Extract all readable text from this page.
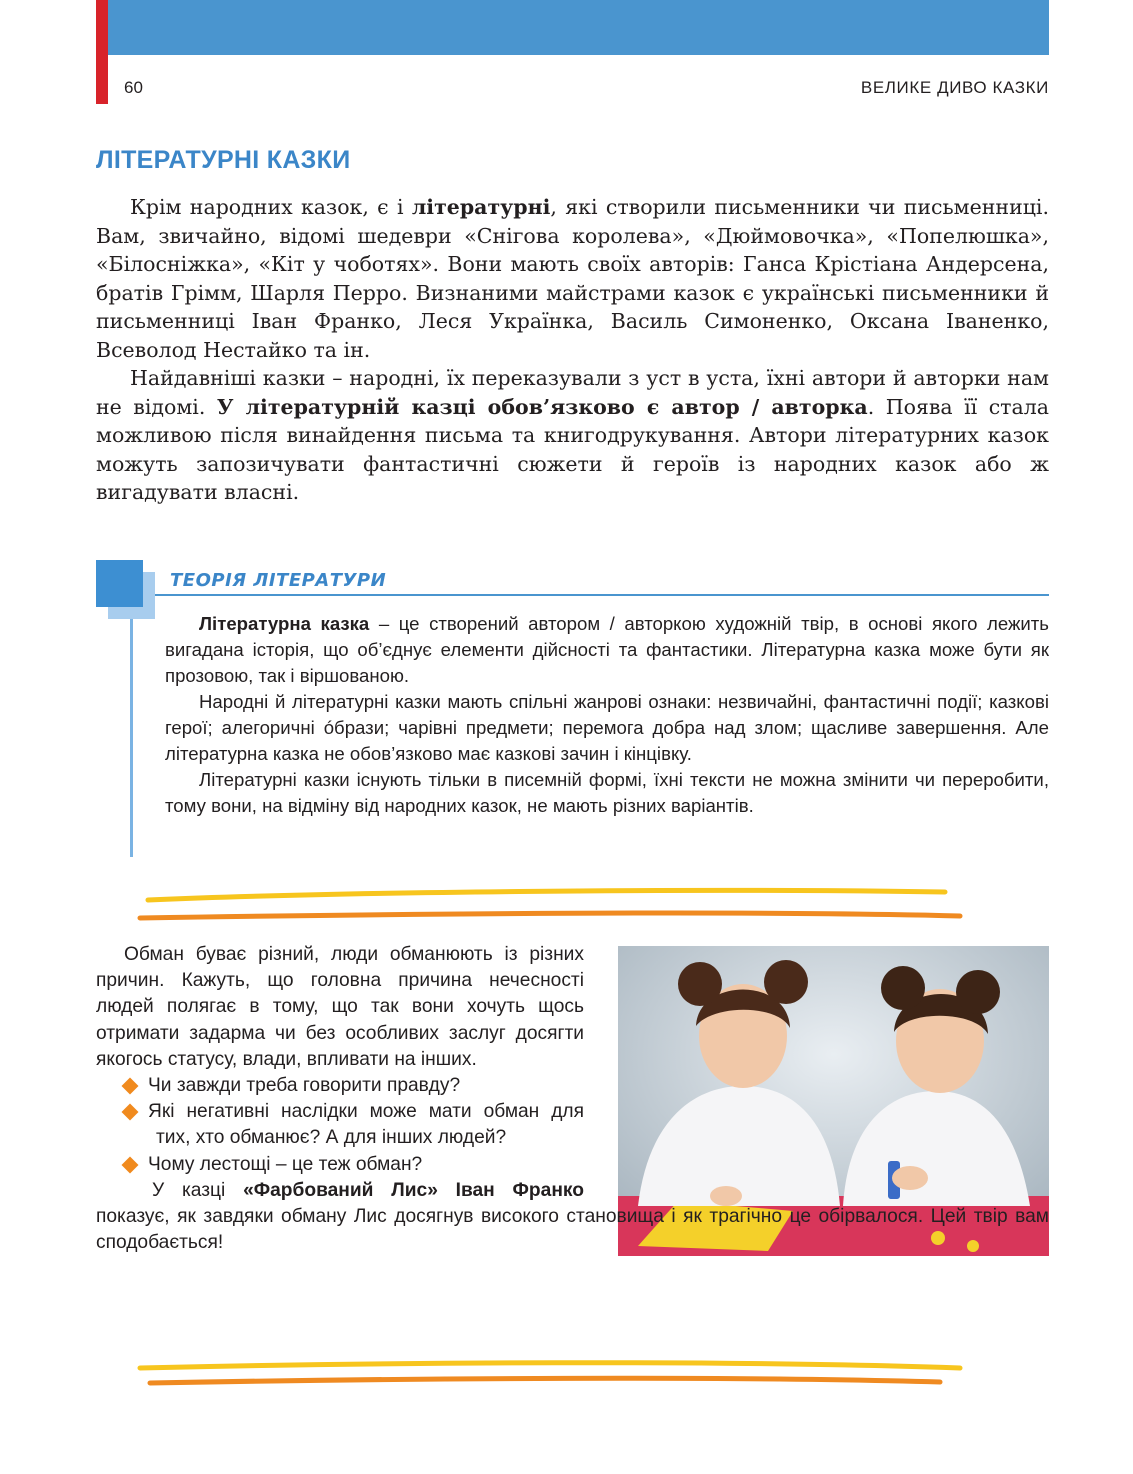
60	ВЕЛИКЕ ДИВО КАЗКИ
ЛІТЕРАТУРНІ КАЗКИ

Крім народних казок, є і літературні, які створили письменники чи письменниці. Вам, звичайно, відомі шедеври «Снігова королева», «Дюймовочка», «Попелюшка», «Білосніжка», «Кіт у чоботях». Вони мають своїх авторів: Ганса Крістіана Андерсена, братів Грімм, Шарля Перро. Визнаними майстрами казок є українські письменники й письменниці Іван Франко, Леся Українка, Василь Симоненко, Оксана Іваненко, Всеволод Нестайко та ін.

Найдавніші казки – народні, їх переказували з уст в уста, їхні автори й авторки нам не відомі. У літературній казці обов’язково є автор / авторка. Поява її стала можливою після винайдення письма та книгодрукування. Автори літературних казок можуть запозичувати фантастичні сюжети й героїв із народних казок або ж вигадувати власні.

ТЕОРІЯ ЛІТЕРАТУРИ

Літературна казка – це створений автором / авторкою художній твір, в основі якого лежить вигадана історія, що об’єднує елементи дійсності та фантастики. Літературна казка може бути як прозовою, так і віршованою.

Народні й літературні казки мають спільні жанрові ознаки: незвичайні, фантастичні події; казкові герої; алегоричні óбрази; чарівні предмети; перемога добра над злом; щасливе завершення. Але літературна казка не обов’язково має казкові зачин і кінцівку.

Літературні казки існують тільки в писемній формі, їхні тексти не можна змінити чи переробити, тому вони, на відміну від народних казок, не мають різних варіантів.

Обман буває різний, люди обманюють із різних причин. Кажуть, що головна причина нечесності людей полягає в тому, що так вони хочуть щось отримати задарма чи без особливих заслуг досягти якогось статусу, влади, впливати на інших.

Чи завжди треба говорити правду?
Які негативні наслідки може мати обман для тих, хто обманює? А для інших людей?
Чому лестощі – це теж обман?

У казці «Фарбований Лис» Іван Франко
показує, як завдяки обману Лис досягнув високого становища і як трагічно це обірвалося. Цей твір вам сподобається!
